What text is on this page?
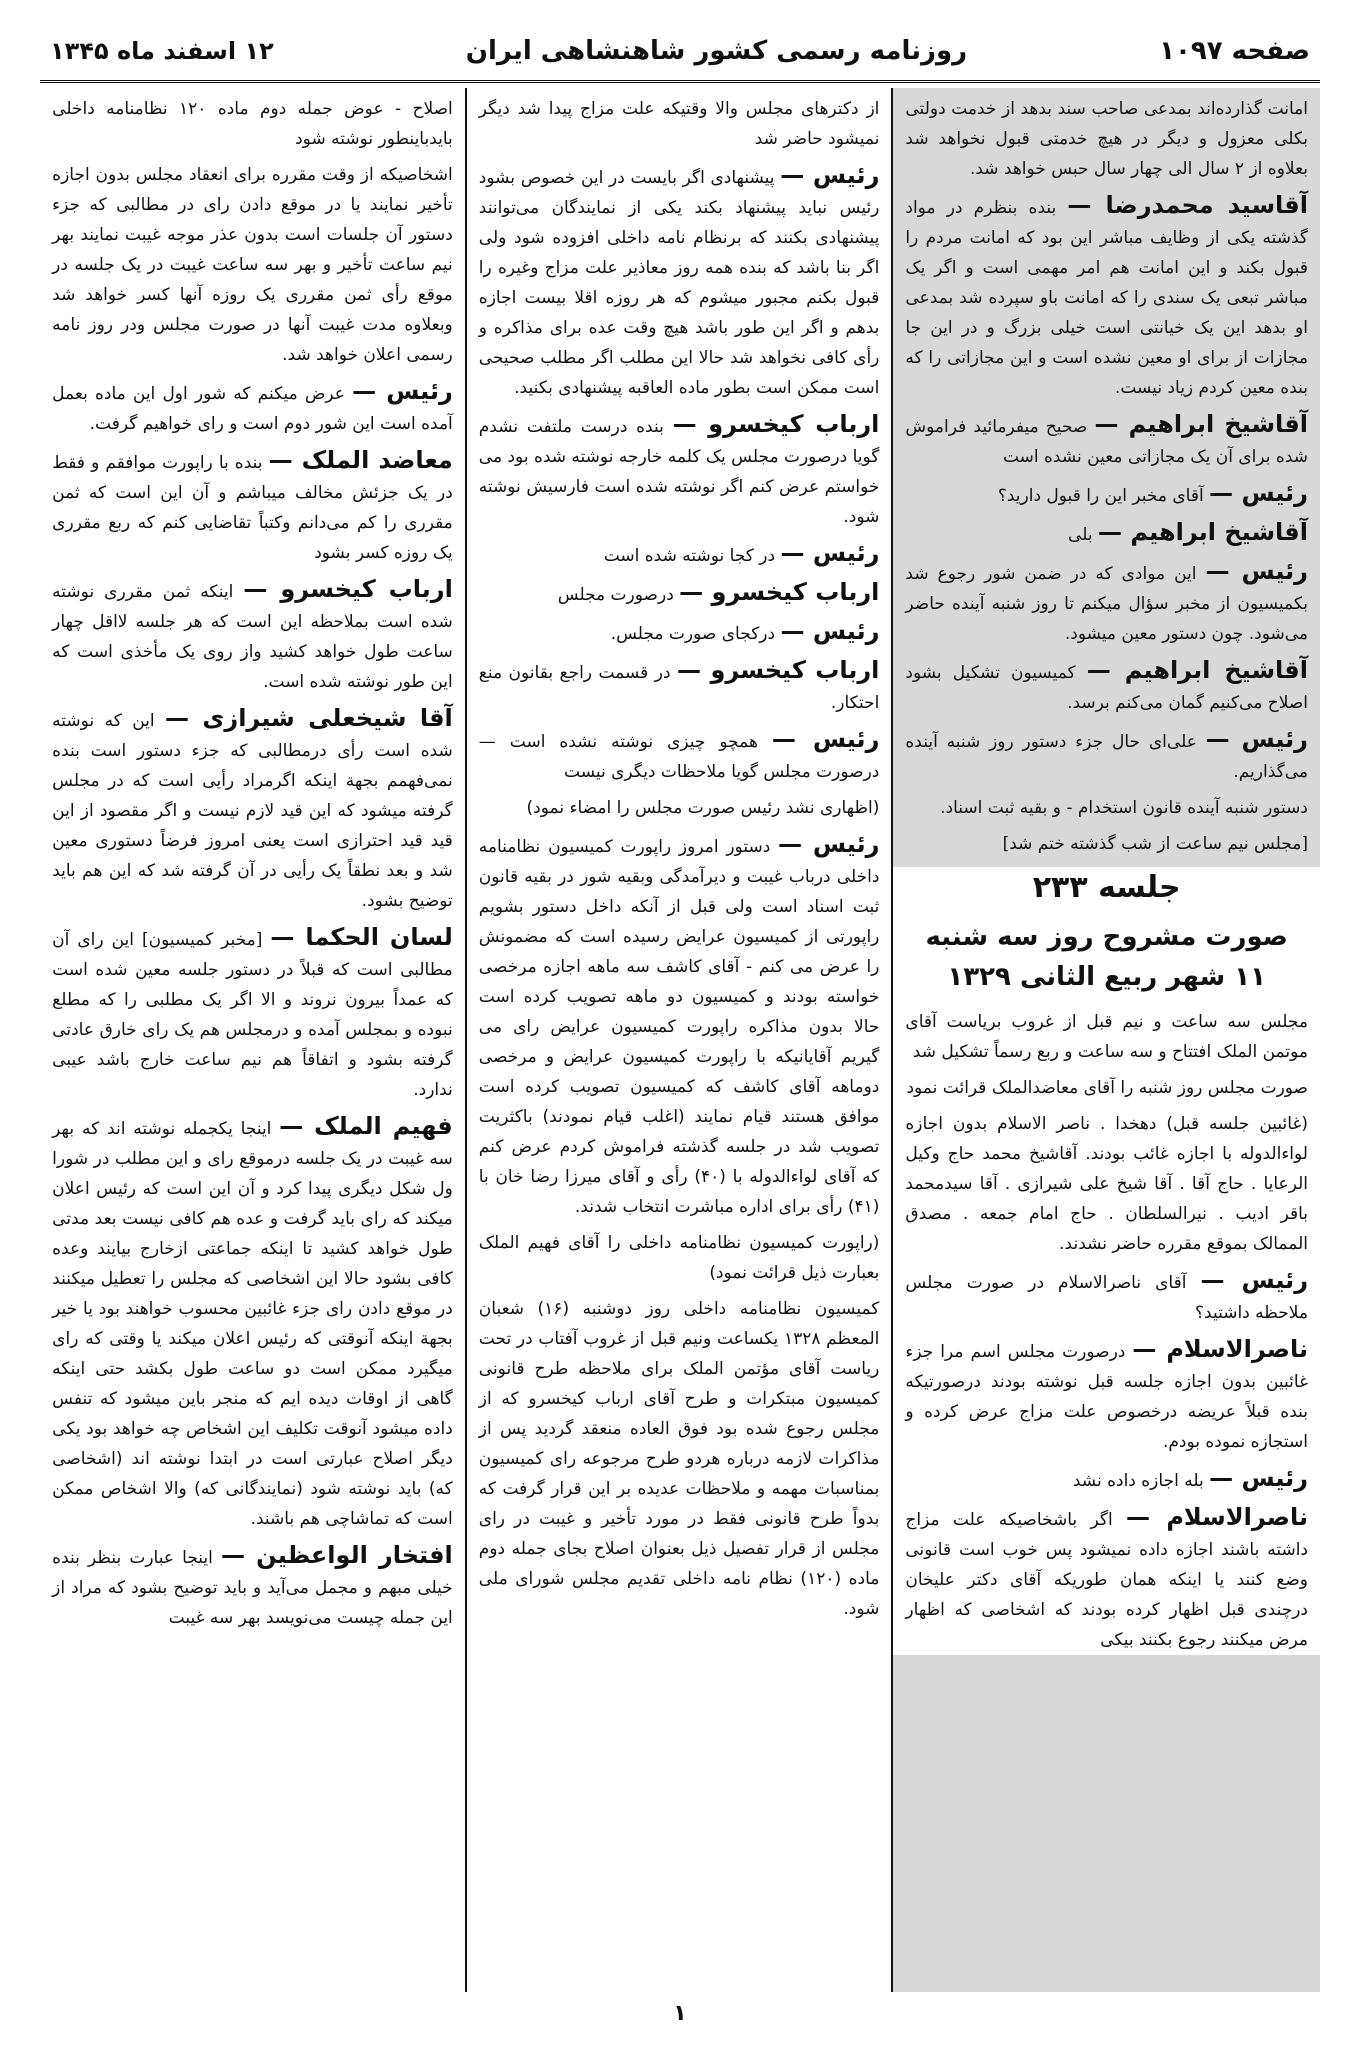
صفحه ۱۰۹۷
روزنامه رسمی کشور شاهنشاهی ایران
۱۲ اسفند ماه ۱۳۴۵

امانت گذارده‌اند بمدعی صاحب سند بدهد از خدمت دولتی بکلی معزول و دیگر در هیچ خدمتی قبول نخواهد شد بعلاوه از ۲ سال الی چهار سال حبس خواهد شد.

آقاسید محمدرضا — بنده بنظرم در مواد گذشته یکی از وظایف مباشر این بود که امانت مردم را قبول بکند و این امانت هم امر مهمی است و اگر یک مباشر تبعی یک سندی را که امانت باو سپرده شد بمدعی او بدهد این یک خیانتی است خیلی بزرگ و در این جا مجازات از برای او معین نشده است و این مجازاتی را که بنده معین کردم زیاد نیست.

آقاشیخ ابراهیم — صحیح میفرمائید فراموش شده برای آن یک مجازاتی معین نشده است

رئیس — آقای مخبر این را قبول دارید؟

آقاشیخ ابراهیم — بلی

رئیس — این موادی که در ضمن شور رجوع شد بکمیسیون از مخبر سؤال میکنم تا روز شنبه آینده حاضر می‌شود. چون دستور معین میشود.

آقاشیخ ابراهیم — کمیسیون تشکیل بشود اصلاح می‌کنیم گمان می‌کنم برسد.

رئیس — علی‌ای حال جزء دستور روز شنبه آینده می‌گذاریم.

دستور شنبه آینده قانون استخدام - و بقیه ثبت اسناد.

[مجلس نیم ساعت از شب گذشته ختم شد]

جلسه ۲۳۳
صورت مشروح روز سه شنبه ۱۱ شهر ربیع الثانی ۱۳۲۹

مجلس سه ساعت و نیم قبل از غروب بریاست آقای موتمن الملک افتتاح و سه ساعت و ربع رسماً تشکیل شد

صورت مجلس روز شنبه را آقای معاضدالملک قرائت نمود

(غائبین جلسه قبل) دهخدا . ناصر الاسلام بدون اجازه لواءالدوله با اجازه غائب بودند. آقاشیخ محمد حاج وکیل الرعایا . حاج آقا . آقا شیخ علی شیرازی . آقا سیدمحمد باقر ادیب . نیرالسلطان . حاج امام جمعه . مصدق الممالک بموقع مقرره حاضر نشدند.

رئیس — آقای ناصرالاسلام در صورت مجلس ملاحظه داشتید؟

ناصرالاسلام — درصورت مجلس اسم مرا جزء غائبین بدون اجازه جلسه قبل نوشته بودند درصورتیکه بنده قبلاً عریضه درخصوص علت مزاج عرض کرده و استجازه نموده بودم.

رئیس — بله اجازه داده نشد

ناصرالاسلام — اگر باشخاصیکه علت مزاج داشته باشند اجازه داده نمیشود پس خوب است قانونی وضع کنند یا اینکه همان طوریکه آقای دکتر علیخان درچندی قبل اظهار کرده بودند که اشخاصی که اظهار مرض میکنند رجوع بکنند بیکی

از دکترهای مجلس والا وقتیکه علت مزاج پیدا شد دیگر نمیشود حاضر شد

رئیس — پیشنهادی اگر بایست در این خصوص بشود رئیس نباید پیشنهاد بکند یکی از نمایندگان می‌توانند پیشنهادی بکنند که برنظام نامه داخلی افزوده شود ولی اگر بنا باشد که بنده همه روز معاذیر علت مزاج وغیره را قبول بکنم مجبور میشوم که هر روزه اقلا بیست اجازه بدهم و اگر این طور باشد هیچ وقت عده برای مذاکره و رأی کافی نخواهد شد حالا این مطلب اگر مطلب صحیحی است ممکن است بطور ماده العاقبه پیشنهادی بکنید.

ارباب کیخسرو — بنده درست ملتفت نشدم گویا درصورت مجلس یک کلمه خارجه نوشته شده بود می خواستم عرض کنم اگر نوشته شده است فارسیش نوشته شود.

رئیس — در کجا نوشته شده است

ارباب کیخسرو — درصورت مجلس

رئیس — درکجای صورت مجلس.

ارباب کیخسرو — در قسمت راجع بقانون منع احتکار.

رئیس — همچو چیزی نوشته نشده است — درصورت مجلس گویا ملاحظات دیگری نیست

(اظهاری نشد رئیس صورت مجلس را امضاء نمود)

رئیس — دستور امروز راپورت کمیسیون نظامنامه داخلی درباب غیبت و دیرآمدگی وبقیه شور در بقیه قانون ثبت اسناد است ولی قبل از آنکه داخل دستور بشویم راپورتی از کمیسیون عرایض رسیده است که مضمونش را عرض می کنم - آقای کاشف سه ماهه اجازه مرخصی خواسته بودند و کمیسیون دو ماهه تصویب کرده است حالا بدون مذاکره راپورت کمیسیون عرایض رای می گیریم آقایانیکه با راپورت کمیسیون عرایض و مرخصی دوماهه آقای کاشف که کمیسیون تصویب کرده است موافق هستند قیام نمایند (اغلب قیام نمودند) باکثریت تصویب شد در جلسه گذشته فراموش کردم عرض کنم که آقای لواءالدوله با (۴۰) رأی و آقای میرزا رضا خان با (۴۱) رأی برای اداره مباشرت انتخاب شدند.

(راپورت کمیسیون نظامنامه داخلی را آقای فهیم الملک بعبارت ذیل قرائت نمود)

کمیسیون نظامنامه داخلی روز دوشنبه (۱۶) شعبان المعظم ۱۳۲۸ یکساعت ونیم قبل از غروب آفتاب در تحت ریاست آقای مؤتمن الملک برای ملاحظه طرح قانونی کمیسیون مبتکرات و طرح آقای ارباب کیخسرو که از مجلس رجوع شده بود فوق العاده منعقد گردید پس از مذاکرات لازمه درباره هردو طرح مرجوعه رای کمیسیون بمناسبات مهمه و ملاحظات عدیده بر این قرار گرفت که بدواً طرح قانونی فقط در مورد تأخیر و غیبت در رای مجلس از قرار تفصیل ذیل بعنوان اصلاح بجای جمله دوم ماده (۱۲۰) نظام نامه داخلی تقدیم مجلس شورای ملی شود.

اصلاح - عوض جمله دوم ماده ۱۲۰ نظامنامه داخلی بایدباینطور نوشته شود

اشخاصیکه از وقت مقرره برای انعقاد مجلس بدون اجازه تأخیر نمایند یا در موقع دادن رای در مطالبی که جزء دستور آن جلسات است بدون عذر موجه غیبت نمایند بهر نیم ساعت تأخیر و بهر سه ساعت غیبت در یک جلسه در موقع رأی ثمن مقرری یک روزه آنها کسر خواهد شد وبعلاوه مدت غیبت آنها در صورت مجلس ودر روز نامه رسمی اعلان خواهد شد.

رئیس — عرض میکنم که شور اول این ماده بعمل آمده است این شور دوم است و رای خواهیم گرفت.

معاضد الملک — بنده با راپورت موافقم و فقط در یک جزئش مخالف میباشم و آن این است که ثمن مقرری را کم می‌دانم وکتباً تقاضایی کنم که ربع مقرری یک روزه کسر بشود

ارباب کیخسرو — اینکه ثمن مقرری نوشته شده است بملاحظه این است که هر جلسه لااقل چهار ساعت طول خواهد کشید واز روی یک مأخذی است که این طور نوشته شده است.

آقا شیخعلی شیرازی — این که نوشته شده است رأی درمطالبی که جزء دستور است بنده نمی‌فهمم بجهة اینکه اگرمراد رأیی است که در مجلس گرفته میشود که این قید لازم نیست و اگر مقصود از این قید قید احترازی است یعنی امروز فرضاً دستوری معین شد و بعد نطقاً یک رأیی در آن گرفته شد که این هم باید توضیح بشود.

لسان الحکما — [مخبر کمیسیون] این رای آن مطالبی است که قبلاً در دستور جلسه معین شده است که عمداً بیرون نروند و الا اگر یک مطلبی را که مطلع نبوده و بمجلس آمده و درمجلس هم یک رای خارق عادتی گرفته بشود و اتفاقاً هم نیم ساعت خارج باشد عیبی ندارد.

فهیم الملک — اینجا یکجمله نوشته اند که بهر سه غیبت در یک جلسه درموقع رای و این مطلب در شورا ول شکل دیگری پیدا کرد و آن این است که رئیس اعلان میکند که رای باید گرفت و عده هم کافی نیست بعد مدتی طول خواهد کشید تا اینکه جماعتی ازخارج بیایند وعده کافی بشود حالا این اشخاصی که مجلس را تعطیل میکنند در موقع دادن رای جزء غائبین محسوب خواهند بود یا خیر بجهة اینکه آنوقتی که رئیس اعلان میکند یا وقتی که رای میگیرد ممکن است دو ساعت طول بکشد حتی اینکه گاهی از اوقات دیده ایم که منجر باین میشود که تنفس داده میشود آنوقت تکلیف این اشخاص چه خواهد بود یکی دیگر اصلاح عبارتی است در ابتدا نوشته اند (اشخاصی که) باید نوشته شود (نمایندگانی که) والا اشخاص ممکن است که تماشاچی هم باشند.

افتخار الواعظین — اینجا عبارت بنظر بنده خیلی مبهم و مجمل می‌آید و باید توضیح بشود که مراد از این جمله چیست می‌نویسد بهر سه غیبت

۱
